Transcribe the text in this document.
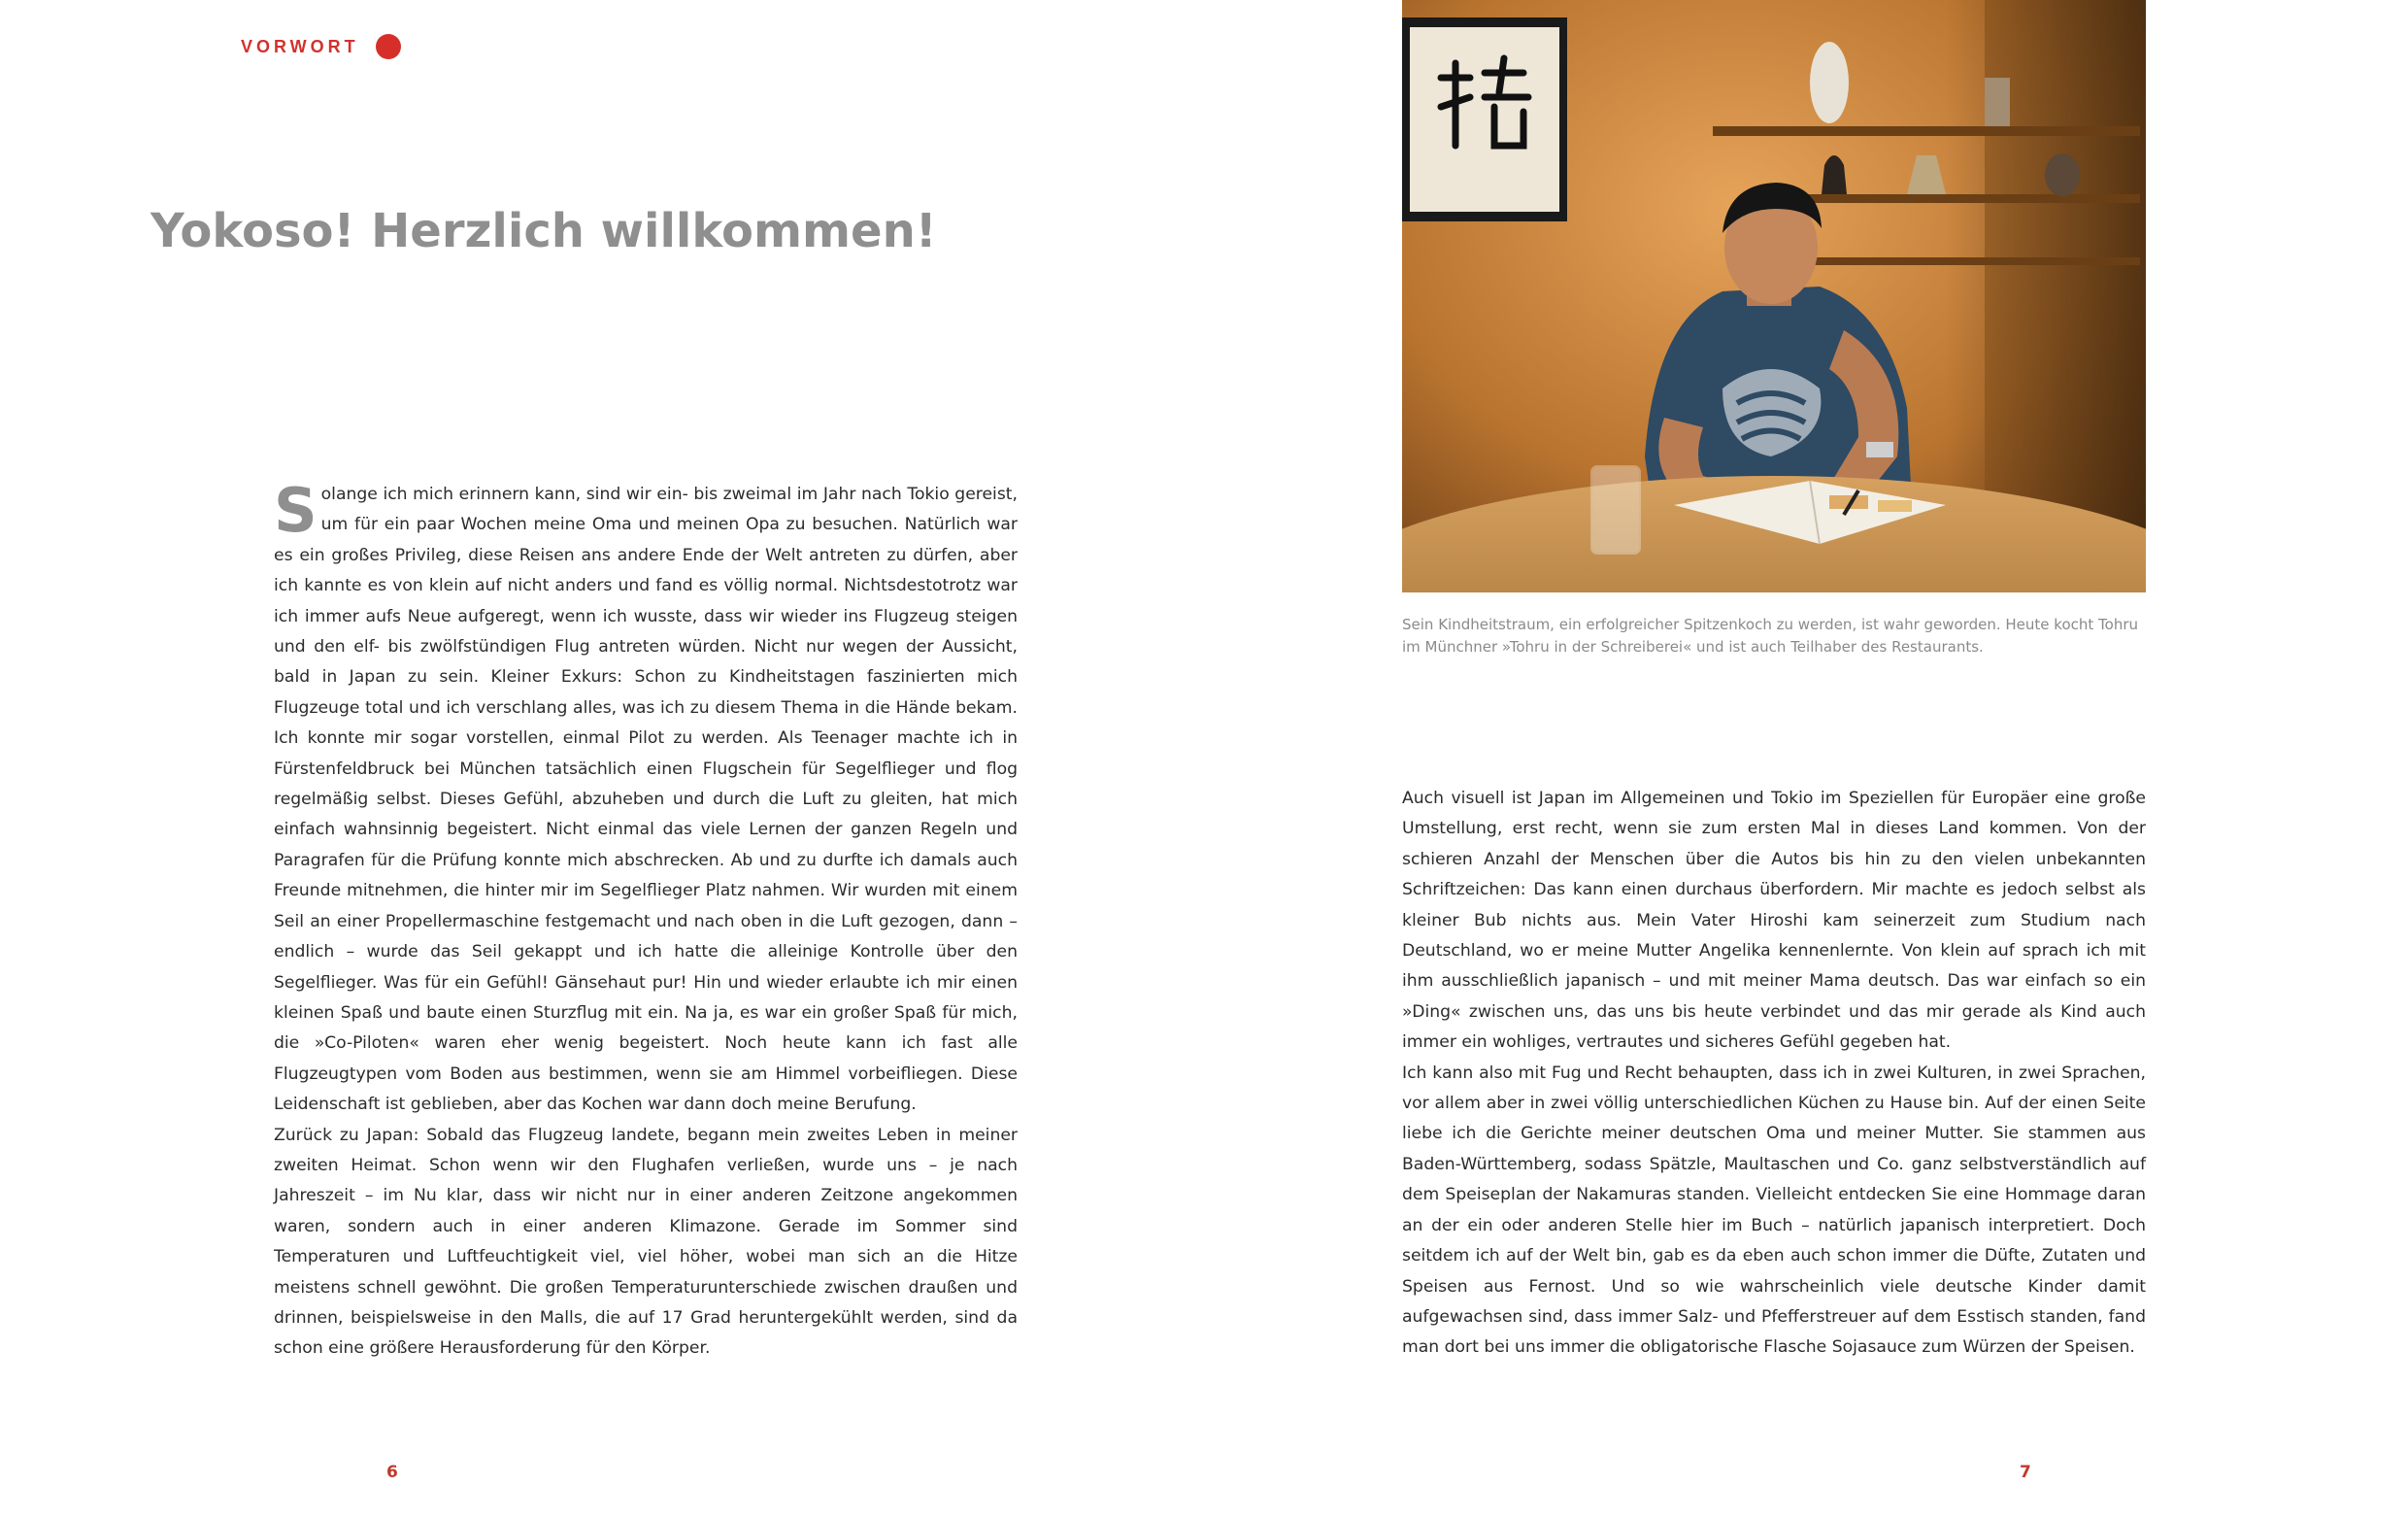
VORWORT
Yokoso! Herzlich willkommen!

Solange ich mich erinnern kann, sind wir ein- bis zweimal im Jahr nach Tokio gereist, um für ein paar Wochen meine Oma und meinen Opa zu besuchen. Natürlich war es ein großes Privileg, diese Reisen ans andere Ende der Welt antreten zu dürfen, aber ich kannte es von klein auf nicht anders und fand es völlig normal. Nichtsdestotrotz war ich immer aufs Neue aufgeregt, wenn ich wusste, dass wir wieder ins Flugzeug steigen und den elf- bis zwölfstündigen Flug antreten würden. Nicht nur wegen der Aussicht, bald in Japan zu sein. Kleiner Exkurs: Schon zu Kindheitstagen faszinierten mich Flugzeuge total und ich verschlang alles, was ich zu diesem Thema in die Hände bekam. Ich konnte mir sogar vorstellen, einmal Pilot zu werden. Als Teenager machte ich in Fürstenfeldbruck bei München tatsächlich einen Flugschein für Segelflieger und flog regelmäßig selbst. Dieses Gefühl, abzuheben und durch die Luft zu gleiten, hat mich einfach wahnsinnig begeistert. Nicht einmal das viele Lernen der ganzen Regeln und Paragrafen für die Prüfung konnte mich abschrecken. Ab und zu durfte ich damals auch Freunde mitnehmen, die hinter mir im Segelflieger Platz nahmen. Wir wurden mit einem Seil an einer Propellermaschine festgemacht und nach oben in die Luft gezogen, dann – endlich – wurde das Seil gekappt und ich hatte die alleinige Kontrolle über den Segelflieger. Was für ein Gefühl! Gänsehaut pur! Hin und wieder erlaubte ich mir einen kleinen Spaß und baute einen Sturzflug mit ein. Na ja, es war ein großer Spaß für mich, die »Co-Piloten« waren eher wenig begeistert. Noch heute kann ich fast alle Flugzeugtypen vom Boden aus bestimmen, wenn sie am Himmel vorbeifliegen. Diese Leidenschaft ist geblieben, aber das Kochen war dann doch meine Berufung.

Zurück zu Japan: Sobald das Flugzeug landete, begann mein zweites Leben in meiner zweiten Heimat. Schon wenn wir den Flughafen verließen, wurde uns – je nach Jahreszeit – im Nu klar, dass wir nicht nur in einer anderen Zeitzone angekommen waren, sondern auch in einer anderen Klimazone. Gerade im Sommer sind Temperaturen und Luftfeuchtigkeit viel, viel höher, wobei man sich an die Hitze meistens schnell gewöhnt. Die großen Temperaturunterschiede zwischen draußen und drinnen, beispielsweise in den Malls, die auf 17 Grad heruntergekühlt werden, sind da schon eine größere Herausforderung für den Körper.

Sein Kindheitstraum, ein erfolgreicher Spitzenkoch zu werden, ist wahr geworden. Heute kocht Tohru im Münchner »Tohru in der Schreiberei« und ist auch Teilhaber des Restaurants.

Auch visuell ist Japan im Allgemeinen und Tokio im Speziellen für Europäer eine große Umstellung, erst recht, wenn sie zum ersten Mal in dieses Land kommen. Von der schieren Anzahl der Menschen über die Autos bis hin zu den vielen unbekannten Schriftzeichen: Das kann einen durchaus überfordern. Mir machte es jedoch selbst als kleiner Bub nichts aus. Mein Vater Hiroshi kam seinerzeit zum Studium nach Deutschland, wo er meine Mutter Angelika kennenlernte. Von klein auf sprach ich mit ihm ausschließlich japanisch – und mit meiner Mama deutsch. Das war einfach so ein »Ding« zwischen uns, das uns bis heute verbindet und das mir gerade als Kind auch immer ein wohliges, vertrautes und sicheres Gefühl gegeben hat.

Ich kann also mit Fug und Recht behaupten, dass ich in zwei Kulturen, in zwei Sprachen, vor allem aber in zwei völlig unterschiedlichen Küchen zu Hause bin. Auf der einen Seite liebe ich die Gerichte meiner deutschen Oma und meiner Mutter. Sie stammen aus Baden-Württemberg, sodass Spätzle, Maultaschen und Co. ganz selbstverständlich auf dem Speiseplan der Nakamuras standen. Vielleicht entdecken Sie eine Hommage daran an der ein oder anderen Stelle hier im Buch – natürlich japanisch interpretiert. Doch seitdem ich auf der Welt bin, gab es da eben auch schon immer die Düfte, Zutaten und Speisen aus Fernost. Und so wie wahrscheinlich viele deutsche Kinder damit aufgewachsen sind, dass immer Salz- und Pfefferstreuer auf dem Esstisch standen, fand man dort bei uns immer die obligatorische Flasche Sojasauce zum Würzen der Speisen.

6	7
